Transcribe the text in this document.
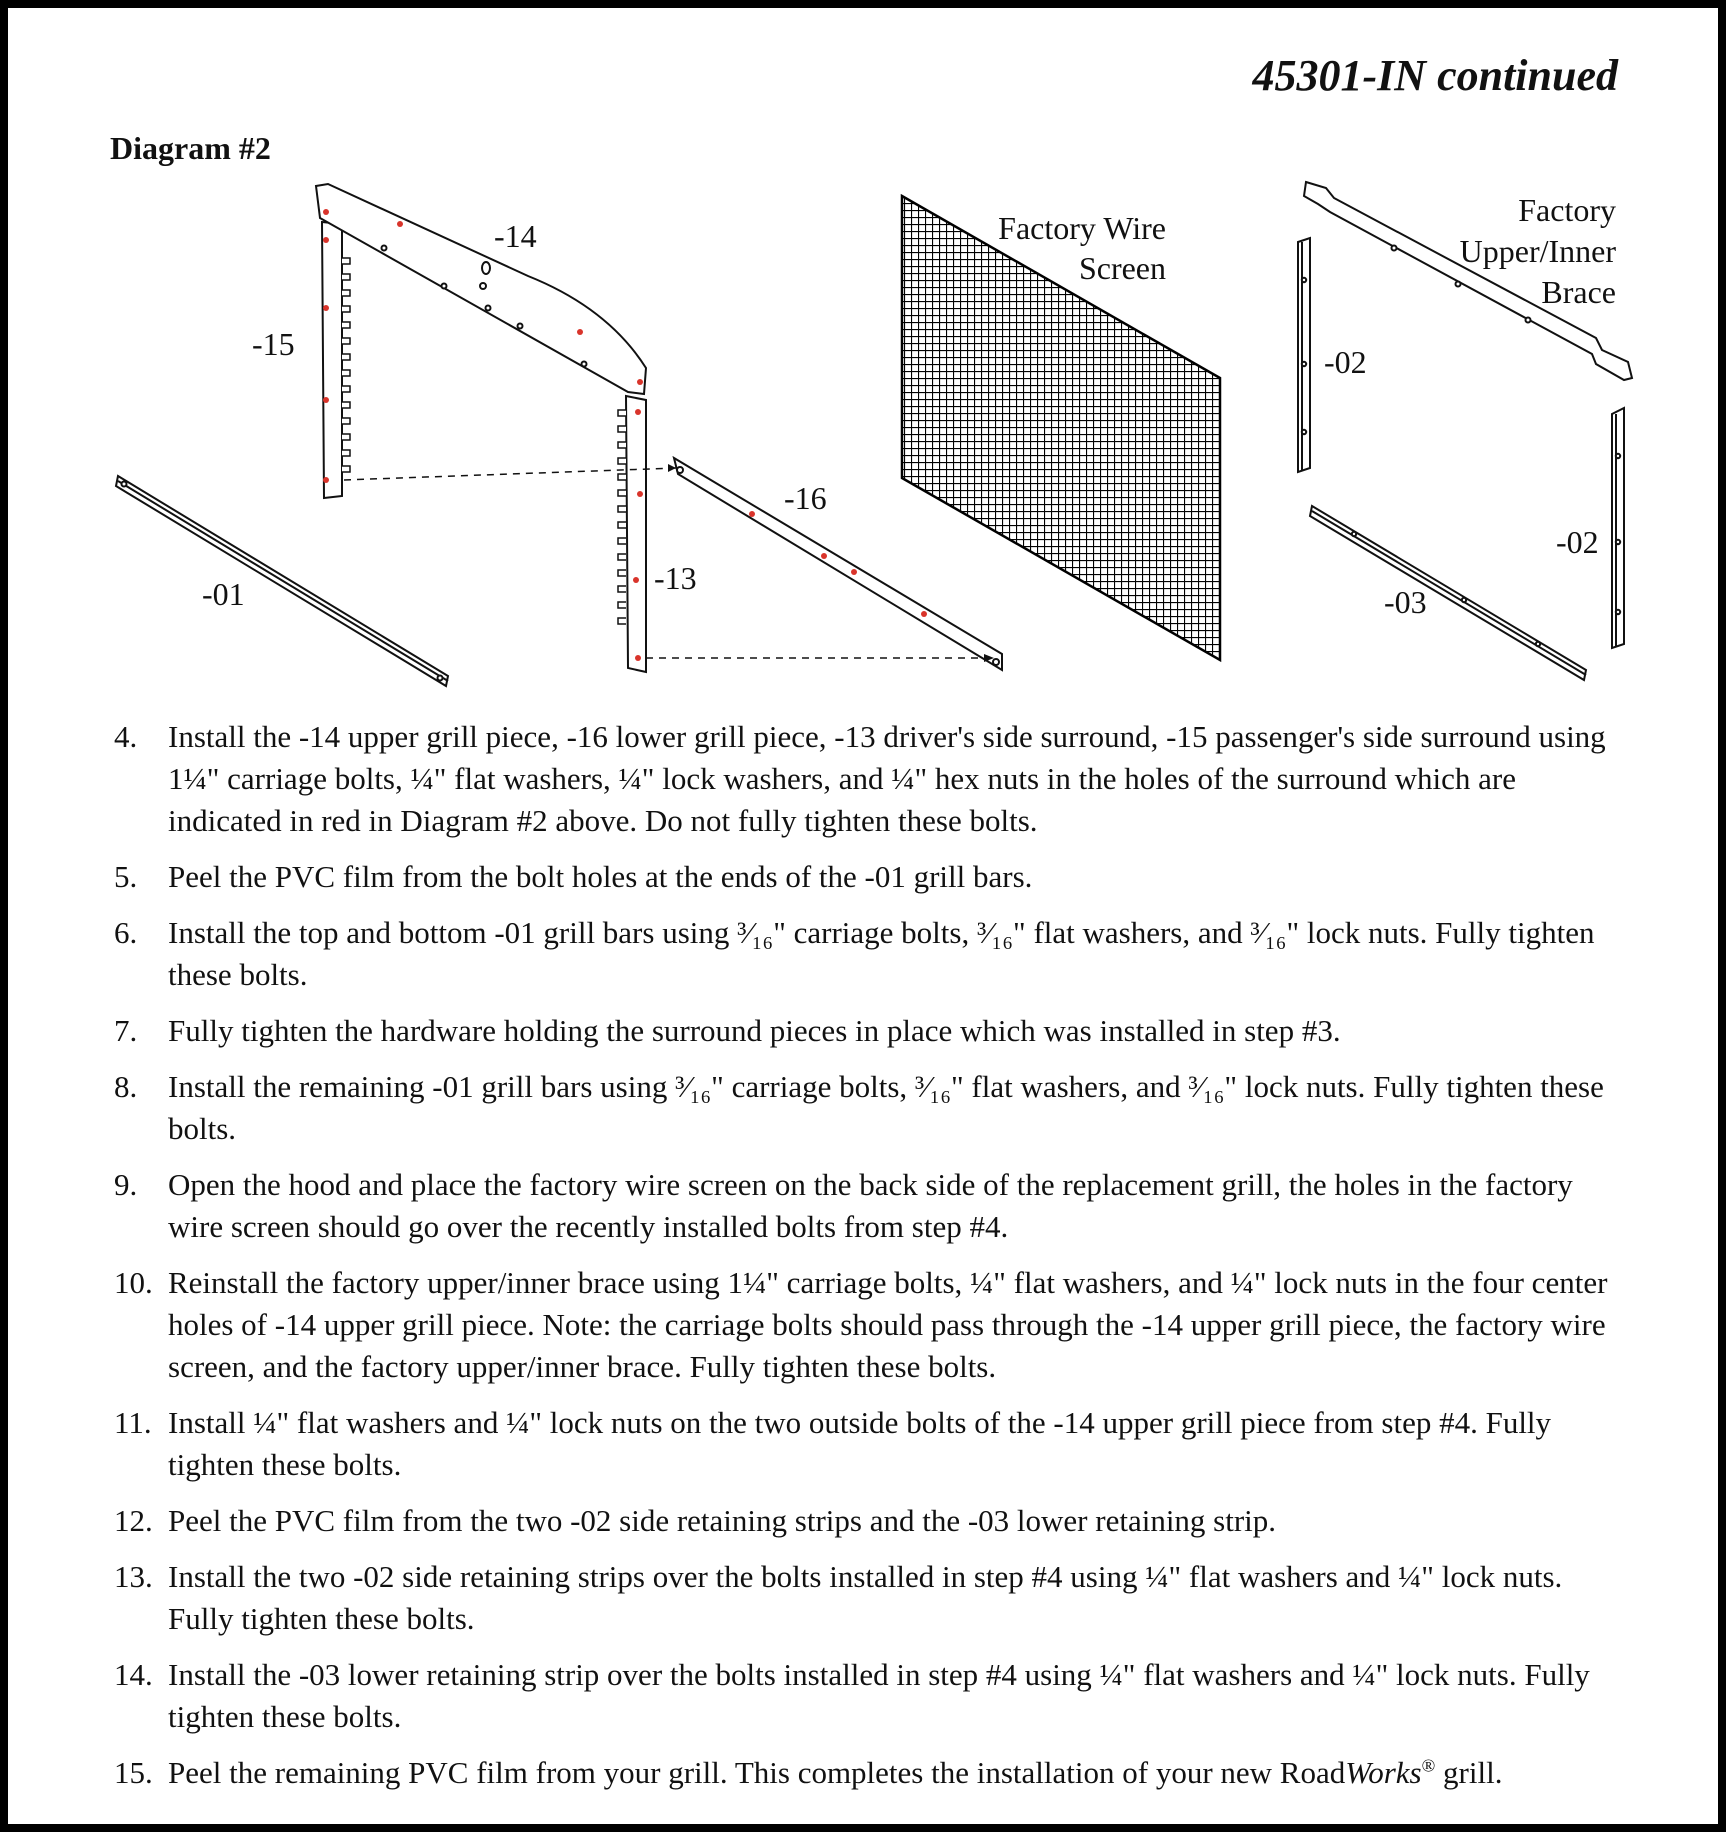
45301-IN continued
Diagram #2
-14
-15
-16
-13
-01
-02
-02
-03
Factory Wire
Screen
Factory
Upper/Inner
Brace
4. Install the -14 upper grill piece, -16 lower grill piece, -13 driver's side surround, -15 passenger's side surround using 1¼" carriage bolts, ¼" flat washers, ¼" lock washers, and ¼" hex nuts in the holes of the surround which are indicated in red in Diagram #2 above. Do not fully tighten these bolts.
5. Peel the PVC film from the bolt holes at the ends of the -01 grill bars.
6. Install the top and bottom -01 grill bars using ³⁄₁₆" carriage bolts, ³⁄₁₆" flat washers, and ³⁄₁₆" lock nuts. Fully tighten these bolts.
7. Fully tighten the hardware holding the surround pieces in place which was installed in step #3.
8. Install the remaining -01 grill bars using ³⁄₁₆" carriage bolts, ³⁄₁₆" flat washers, and ³⁄₁₆" lock nuts. Fully tighten these bolts.
9. Open the hood and place the factory wire screen on the back side of the replacement grill, the holes in the factory wire screen should go over the recently installed bolts from step #4.
10. Reinstall the factory upper/inner brace using 1¼" carriage bolts, ¼" flat washers, and ¼" lock nuts in the four center holes of -14 upper grill piece. Note: the carriage bolts should pass through the -14 upper grill piece, the factory wire screen, and the factory upper/inner brace. Fully tighten these bolts.
11. Install ¼" flat washers and ¼" lock nuts on the two outside bolts of the -14 upper grill piece from step #4. Fully tighten these bolts.
12. Peel the PVC film from the two -02 side retaining strips and the -03 lower retaining strip.
13. Install the two -02 side retaining strips over the bolts installed in step #4 using ¼" flat washers and ¼" lock nuts. Fully tighten these bolts.
14. Install the -03 lower retaining strip over the bolts installed in step #4 using ¼" flat washers and ¼" lock nuts. Fully tighten these bolts.
15. Peel the remaining PVC film from your grill. This completes the installation of your new RoadWorks® grill.
